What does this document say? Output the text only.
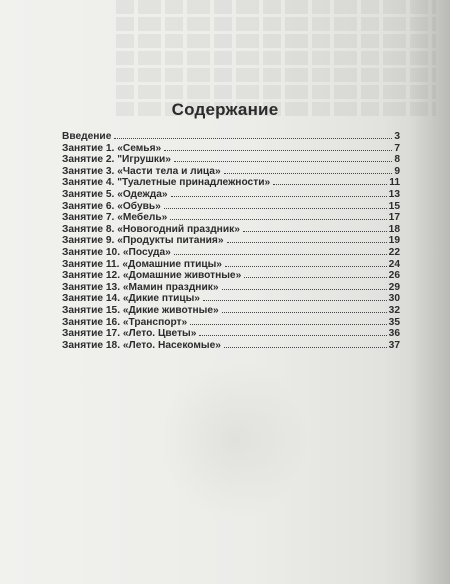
Содержание
Введение	3
Занятие 1. «Семья»	7
Занятие 2. "Игрушки»	8
Занятие 3. «Части тела и лица»	9
Занятие 4. "Туалетные принадлежности»	11
Занятие 5. «Одежда»	13
Занятие 6. «Обувь»	15
Занятие 7. «Мебель»	17
Занятие 8. «Новогодний праздник»	18
Занятие 9. «Продукты питания»	19
Занятие 10. «Посуда»	22
Занятие 11. «Домашние птицы»	24
Занятие 12. «Домашние животные»	26
Занятие 13. «Мамин праздник»	29
Занятие 14. «Дикие птицы»	30
Занятие 15. «Дикие животные»	32
Занятие 16. «Транспорт»	35
Занятие 17. «Лето. Цветы»	36
Занятие 18. «Лето. Насекомые»	37
